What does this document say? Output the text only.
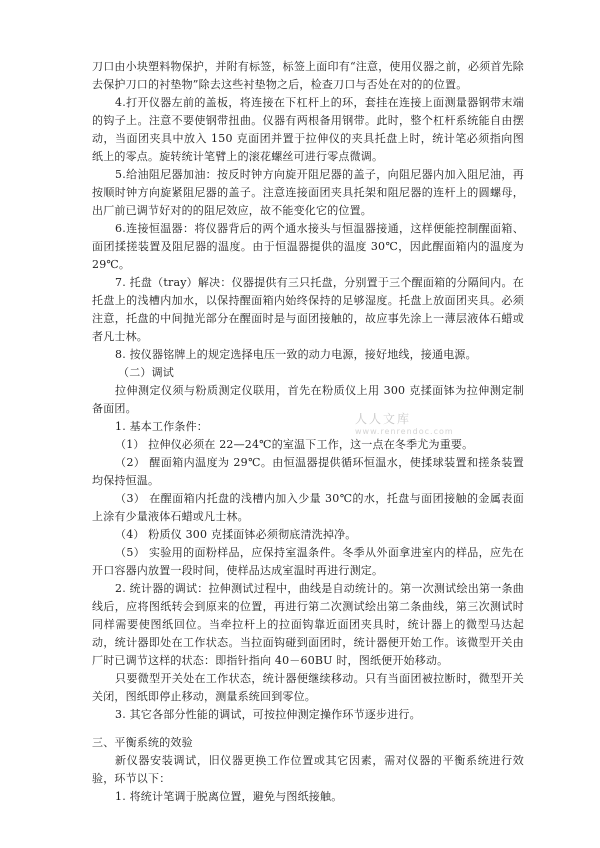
刀口由小块塑料物保护，并附有标签，标签上面印有“注意，使用仪器之前，必须首先除去保护刀口的衬垫物”除去这些衬垫物之后，检查刀口与否处在对的的位置。

4.打开仪器左前的盖板，将连接在下杠杆上的环，套挂在连接上面测量器钢带末端的钩子上。注意不要使钢带扭曲。仪器有两根备用钢带。此时，整个杠杆系统能自由摆动，当面团夹具中放入 150 克面团并置于拉伸仪的夹具托盘上时，统计笔必须指向图纸上的零点。旋转统计笔臂上的滚花螺丝可进行零点微调。

5.给油阻尼器加油：按反时钟方向旋开阻尼器的盖子，向阻尼器内加入阻尼油，再按顺时钟方向旋紧阻尼器的盖子。注意连接面团夹具托架和阻尼器的连杆上的圆螺母，出厂前已调节好对的的阻尼效应，故不能变化它的位置。

6.连接恒温器：将仪器背后的两个通水接头与恒温器接通，这样便能控制醒面箱、面团揉搓装置及阻尼器的温度。由于恒温器提供的温度 30℃，因此醒面箱内的温度为 29℃。

7. 托盘（tray）解决：仪器提供有三只托盘，分别置于三个醒面箱的分隔间内。在托盘上的浅槽内加水，以保持醒面箱内始终保持的足够湿度。托盘上放面团夹具。必须注意，托盘的中间抛光部分在醒面时是与面团接触的，故应事先涂上一薄层液体石蜡或者凡士林。

8. 按仪器铭牌上的规定选择电压一致的动力电源，接好地线，接通电源。

（二）调试

拉伸测定仪须与粉质测定仪联用，首先在粉质仪上用 300 克揉面钵为拉伸测定制备面团。

1. 基本工作条件：

（1） 拉伸仪必须在 22—24℃的室温下工作，这一点在冬季尤为重要。

（2） 醒面箱内温度为 29℃。由恒温器提供循环恒温水，使揉球装置和搓条装置均保持恒温。

（3） 在醒面箱内托盘的浅槽内加入少量 30℃的水，托盘与面团接触的金属表面上涂有少量液体石蜡或凡士林。

（4） 粉质仪 300 克揉面钵必须彻底清洗掉净。

（5） 实验用的面粉样品，应保持室温条件。冬季从外面拿进室内的样品，应先在开口容器内放置一段时间，使样品达成室温时再进行测定。

2. 统计器的调试：拉伸测试过程中，曲线是自动统计的。第一次测试绘出第一条曲线后，应将图纸转会到原来的位置，再进行第二次测试绘出第二条曲线，第三次测试时同样需要使图纸回位。当牵拉杆上的拉面钩靠近面团夹具时，统计器上的微型马达起动，统计器即处在工作状态。当拉面钩碰到面团时，统计器便开始工作。该微型开关由厂时已调节这样的状态：即指针指向 40－60BU 时，图纸便开始移动。

只要微型开关处在工作状态，统计器便继续移动。只有当面团被拉断时，微型开关关闭，图纸即停止移动，测量系统回到零位。

3. 其它各部分性能的调试，可按拉伸测定操作环节逐步进行。

三、平衡系统的效验

新仪器安装调试，旧仪器更换工作位置或其它因素，需对仪器的平衡系统进行效验，环节以下：

1. 将统计笔调于脱离位置，避免与图纸接触。

人人文库
www.renrendoc.com
